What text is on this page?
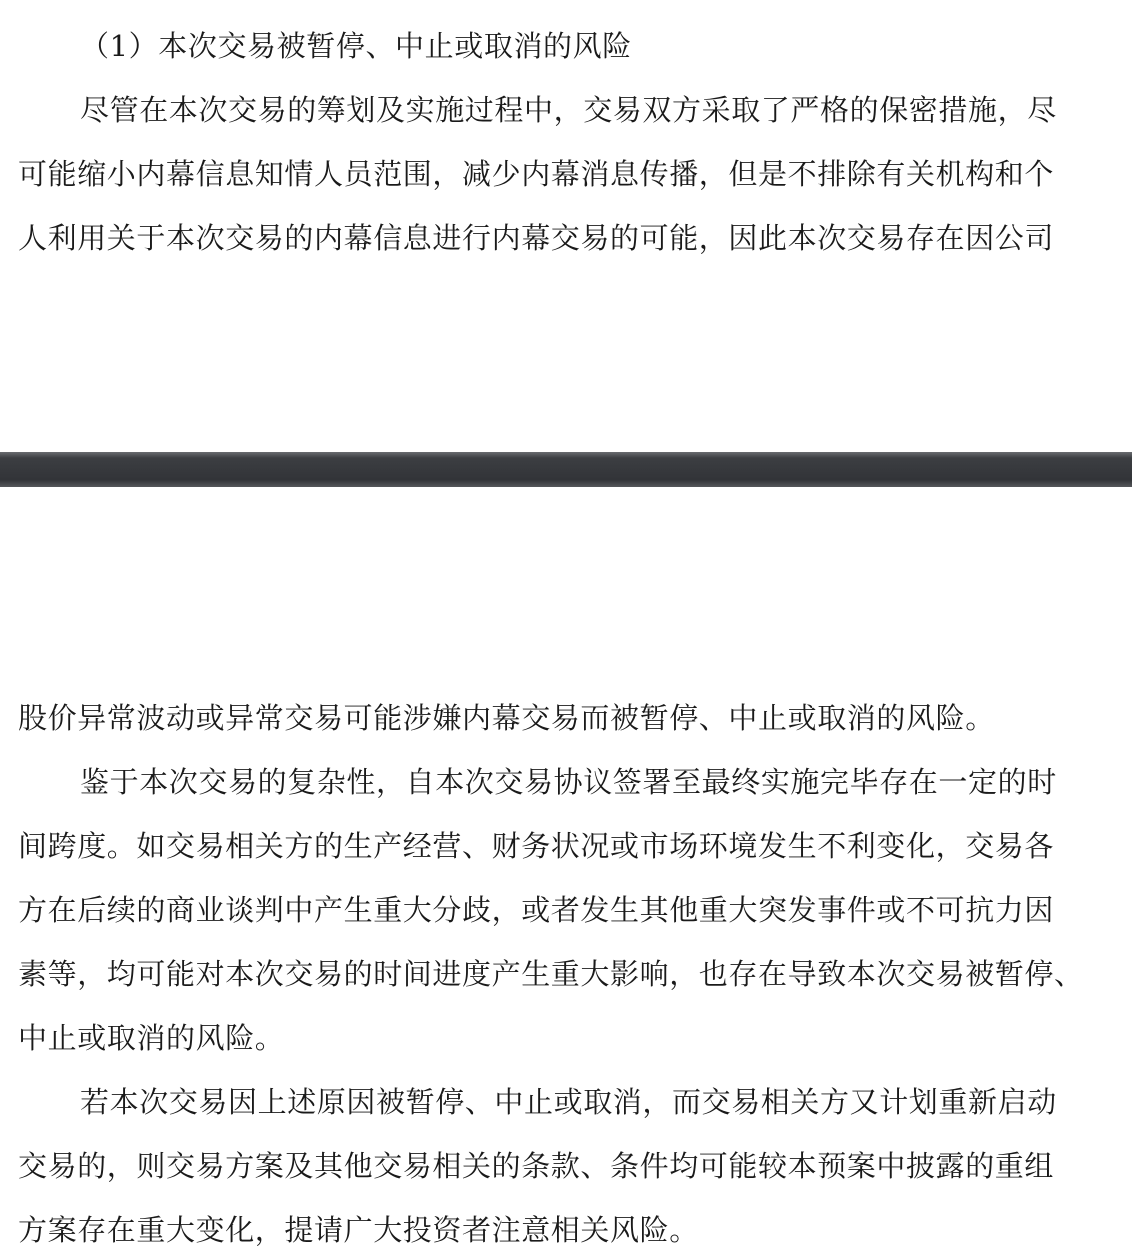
（1）本次交易被暂停、中止或取消的风险
尽管在本次交易的筹划及实施过程中，交易双方采取了严格的保密措施，尽
可能缩小内幕信息知情人员范围，减少内幕消息传播，但是不排除有关机构和个
人利用关于本次交易的内幕信息进行内幕交易的可能，因此本次交易存在因公司
股价异常波动或异常交易可能涉嫌内幕交易而被暂停、中止或取消的风险。
鉴于本次交易的复杂性，自本次交易协议签署至最终实施完毕存在一定的时
间跨度。如交易相关方的生产经营、财务状况或市场环境发生不利变化，交易各
方在后续的商业谈判中产生重大分歧，或者发生其他重大突发事件或不可抗力因
素等，均可能对本次交易的时间进度产生重大影响，也存在导致本次交易被暂停、
中止或取消的风险。
若本次交易因上述原因被暂停、中止或取消，而交易相关方又计划重新启动
交易的，则交易方案及其他交易相关的条款、条件均可能较本预案中披露的重组
方案存在重大变化，提请广大投资者注意相关风险。
